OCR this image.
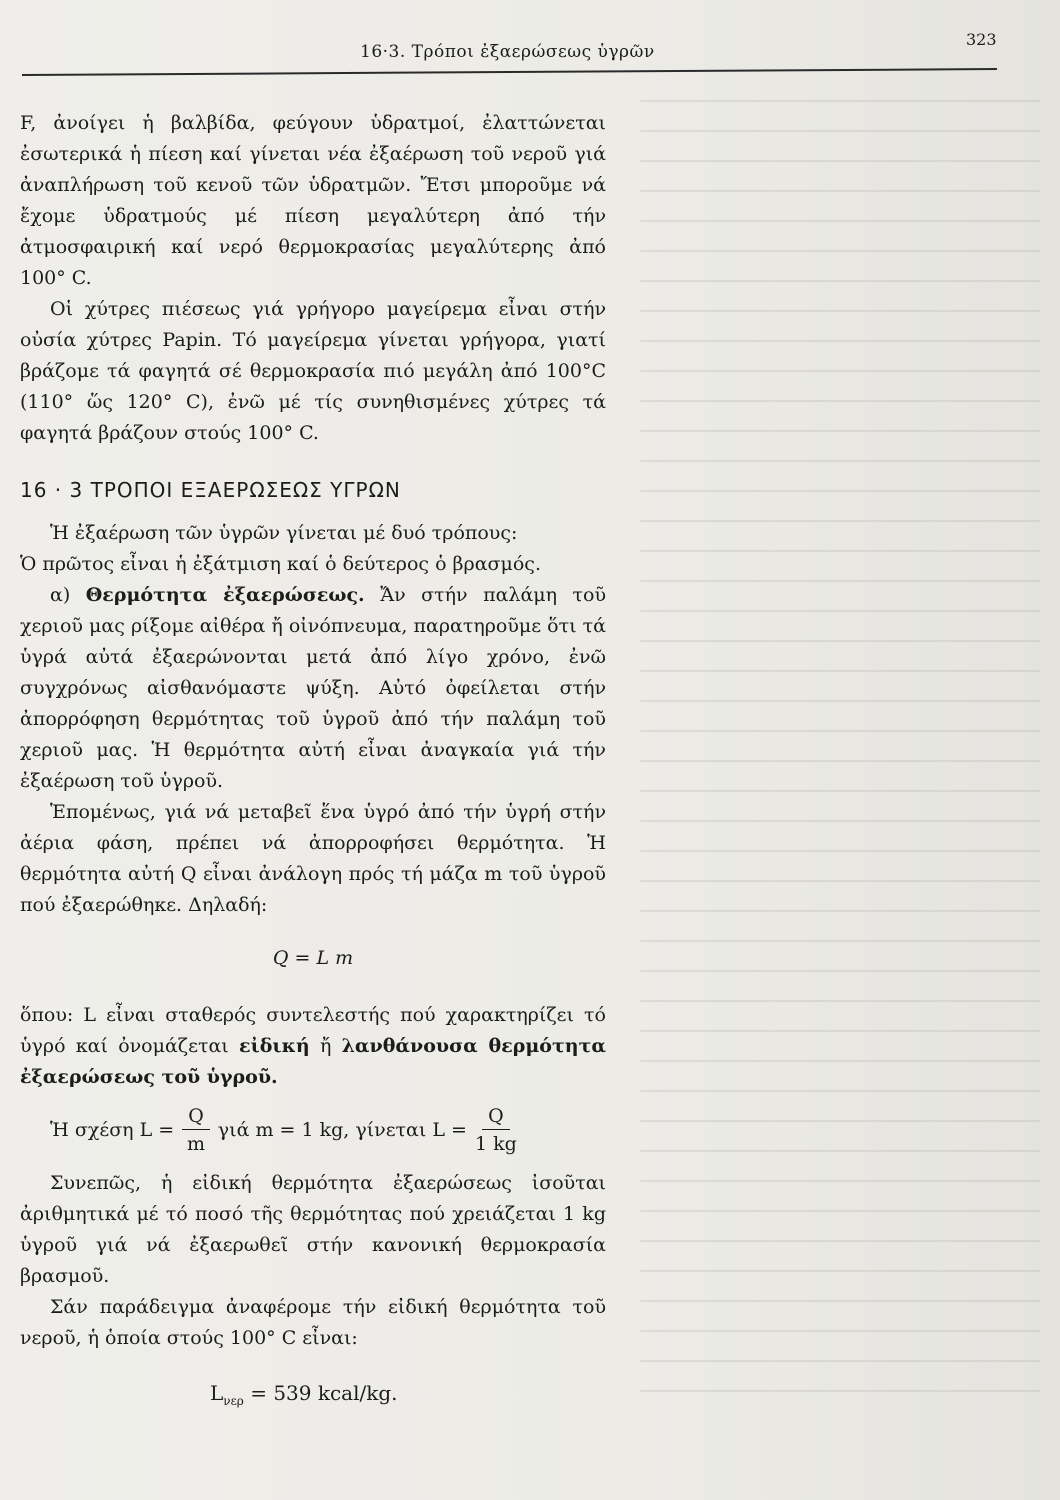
16·3. Τρόποι ἐξαερώσεως ὑγρῶν
323

F, ἀνοίγει ἡ βαλβίδα, φεύγουν ὑδρατμοί, ἐλαττώνεται ἐσωτερικά ἡ πίεση καί γίνεται νέα ἐξαέρωση τοῦ νεροῦ γιά ἀναπλήρωση τοῦ κενοῦ τῶν ὑδρατμῶν. Ἔτσι μποροῦμε νά ἔχομε ὑδρατμούς μέ πίεση μεγαλύτερη ἀπό τήν ἀτμοσφαιρική καί νερό θερμοκρασίας μεγαλύτερης ἀπό 100° C.

Οἱ χύτρες πιέσεως γιά γρήγορο μαγείρεμα εἶναι στήν οὐσία χύτρες Papin. Τό μαγείρεμα γίνεται γρήγορα, γιατί βράζομε τά φαγητά σέ θερμοκρασία πιό μεγάλη ἀπό 100°C (110° ὥς 120° C), ἐνῶ μέ τίς συνηθισμένες χύτρες τά φαγητά βράζουν στούς 100° C.

16 · 3 ΤΡΟΠΟΙ ΕΞΑΕΡΩΣΕΩΣ ΥΓΡΩΝ

Ἡ ἐξαέρωση τῶν ὑγρῶν γίνεται μέ δυό τρόπους:

Ὁ πρῶτος εἶναι ἡ ἐξάτμιση καί ὁ δεύτερος ὁ βρασμός.

α) Θερμότητα ἐξαερώσεως. Ἄν στήν παλάμη τοῦ χεριοῦ μας ρίξομε αἰθέρα ἤ οἰνόπνευμα, παρατηροῦμε ὅτι τά ὑγρά αὐτά ἐξαερώνονται μετά ἀπό λίγο χρόνο, ἐνῶ συγχρόνως αἰσθανόμαστε ψύξη. Αὐτό ὀφείλεται στήν ἀπορρόφηση θερμότητας τοῦ ὑγροῦ ἀπό τήν παλάμη τοῦ χεριοῦ μας. Ἡ θερμότητα αὐτή εἶναι ἀναγκαία γιά τήν ἐξαέρωση τοῦ ὑγροῦ.

Ἑπομένως, γιά νά μεταβεῖ ἕνα ὑγρό ἀπό τήν ὑγρή στήν ἀέρια φάση, πρέπει νά ἀπορροφήσει θερμότητα. Ἡ θερμότητα αὐτή Q εἶναι ἀνάλογη πρός τή μάζα m τοῦ ὑγροῦ πού ἐξαερώθηκε. Δηλαδή:

Q = L m

ὅπου: L εἶναι σταθερός συντελεστής πού χαρακτηρίζει τό ὑγρό καί ὀνομάζεται εἰδική ἤ λανθάνουσα θερμότητα ἐξαερώσεως τοῦ ὑγροῦ.

Ἡ σχέση $L = \frac{Q}{m}$ γιά m = 1 kg, γίνεται $L = \frac{Q}{1 kg}$

Συνεπῶς, ἡ εἰδική θερμότητα ἐξαερώσεως ἰσοῦται ἀριθμητικά μέ τό ποσό τῆς θερμότητας πού χρειάζεται 1 kg ὑγροῦ γιά νά ἐξαερωθεῖ στήν κανονική θερμοκρασία βρασμοῦ.

Σάν παράδειγμα ἀναφέρομε τήν εἰδική θερμότητα τοῦ νεροῦ, ἡ ὁποία στούς 100° C εἶναι:

$L_{\nu\varepsilon\rho} = 539$ kcal/kg.
